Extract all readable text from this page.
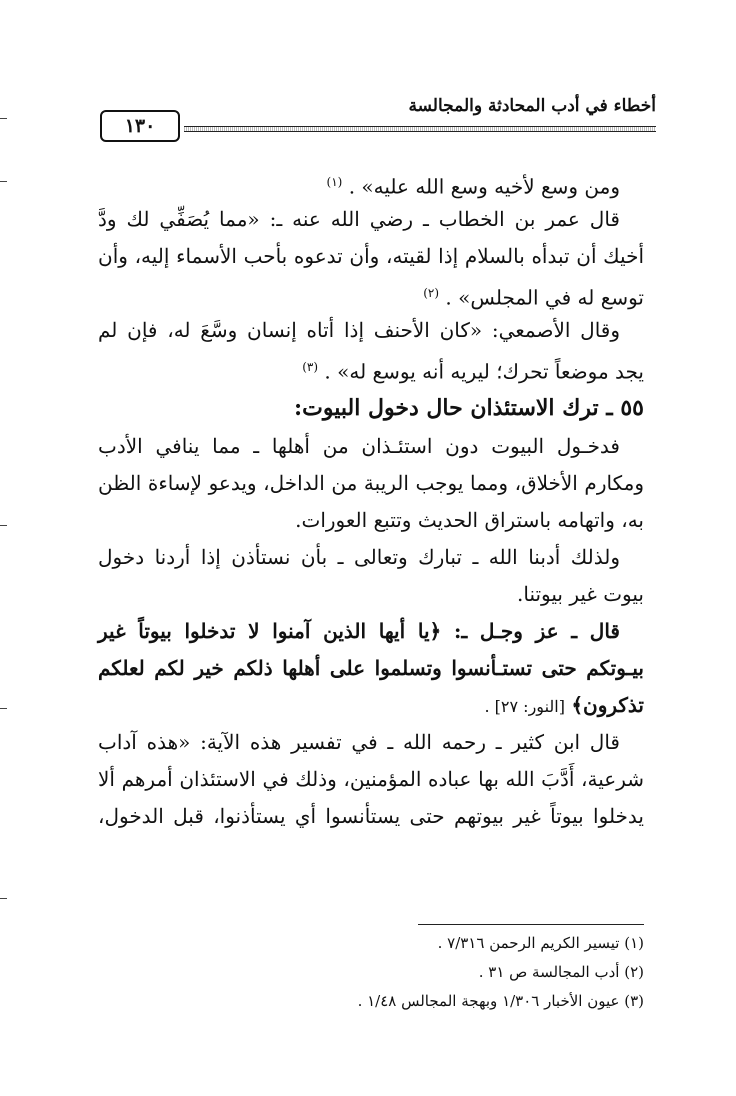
أخطاء في أدب المحادثة والمجالسة
١٣٠
ومن وسع لأخيه وسع الله عليه» . $^{(١)}$
قال عمر بن الخطاب ـ رضي الله عنه ـ: «مما يُصَفِّي لك ودَّ
أخيك أن تبدأه بالسلام إذا لقيته، وأن تدعوه بأحب الأسماء إليه، وأن
توسع له في المجلس» . $^{(٢)}$
وقال الأصمعي: «كان الأحنف إذا أتاه إنسان وسَّعَ له، فإن لم
يجد موضعاً تحرك؛ ليريه أنه يوسع له» . $^{(٣)}$
٥٥ ـ ترك الاستئذان حال دخول البيوت:
فدخـول البيوت دون استئـذان من أهلها ـ مما ينافي الأدب
ومكارم الأخلاق، ومما يوجب الريبة من الداخل، ويدعو لإساءة الظن
به، واتهامه باستراق الحديث وتتبع العورات.
ولذلك أدبنا الله ـ تبارك وتعالى ـ بأن نستأذن إذا أردنا دخول
بيوت غير بيوتنا.
قال ـ عز وجـل ـ: ﴿يا أيها الذين آمنوا لا تدخلوا بيوتاً غير
بيـوتكم حتى تستـأنسوا وتسلموا على أهلها ذلكم خير لكم لعلكم
تذكرون﴾ [النور: ٢٧] .
قال ابن كثير ـ رحمه الله ـ في تفسير هذه الآية: «هذه آداب
شرعية، أَدَّبَ الله بها عباده المؤمنين، وذلك في الاستئذان أمرهم ألا
يدخلوا بيوتاً غير بيوتهم حتى يستأنسوا أي يستأذنوا، قبل الدخول،
(١) تيسير الكريم الرحمن ٧/٣١٦ .
(٢) أدب المجالسة ص ٣١ .
(٣) عيون الأخبار ١/٣٠٦ وبهجة المجالس ١/٤٨ .
